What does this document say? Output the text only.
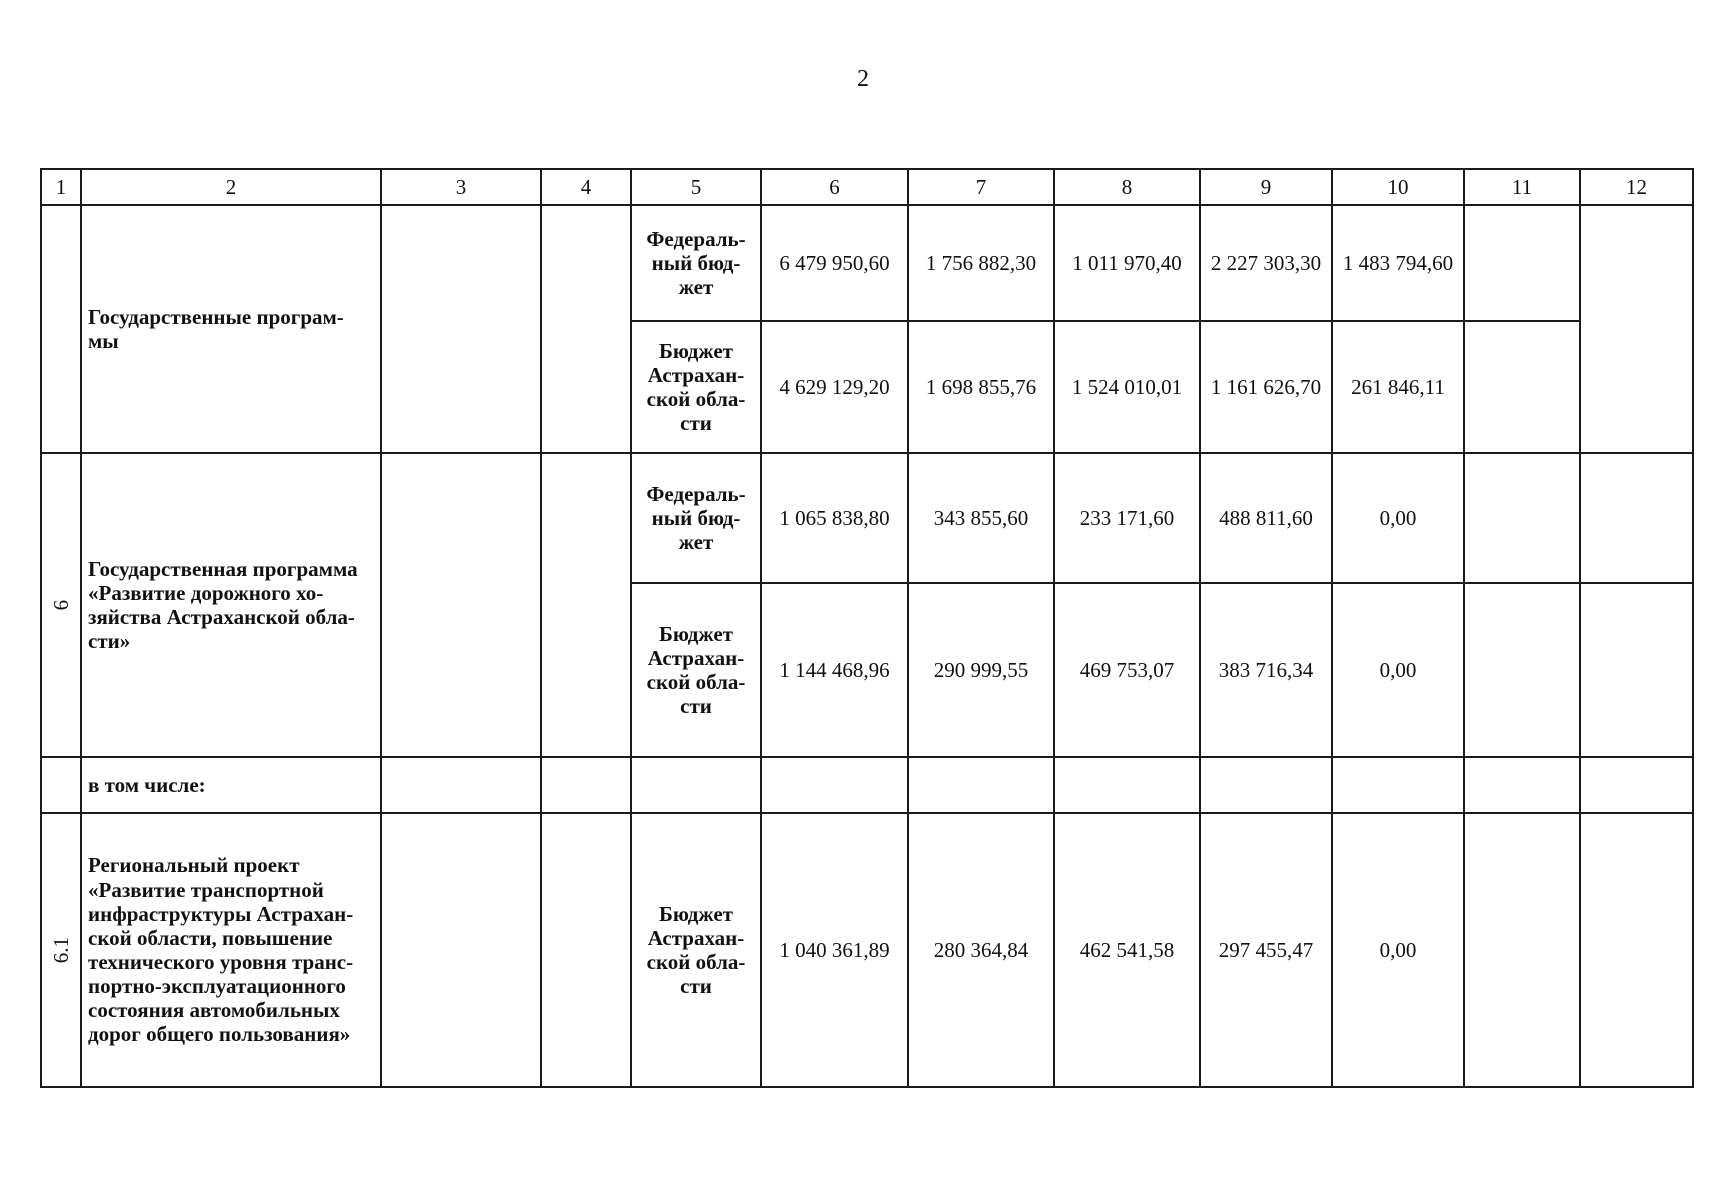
2
1	2	3	4	5	6	7	8	9	10	11	12
	Государственные програм-мы			Федераль-ный бюд-жет	6 479 950,60	1 756 882,30	1 011 970,40	2 227 303,30	1 483 794,60		
				Бюджет Астрахан-ской обла-сти	4 629 129,20	1 698 855,76	1 524 010,01	1 161 626,70	261 846,11		
6	Государственная программа «Развитие дорожного хо-зяйства Астраханской обла-сти»			Федераль-ный бюд-жет	1 065 838,80	343 855,60	233 171,60	488 811,60	0,00		
				Бюджет Астрахан-ской обла-сти	1 144 468,96	290 999,55	469 753,07	383 716,34	0,00		
	в том числе:										
6.1	Региональный проект «Развитие транспортной инфраструктуры Астрахан-ской области, повышение технического уровня транс-портно-эксплуатационного состояния автомобильных дорог общего пользования»			Бюджет Астрахан-ской обла-сти	1 040 361,89	280 364,84	462 541,58	297 455,47	0,00		
